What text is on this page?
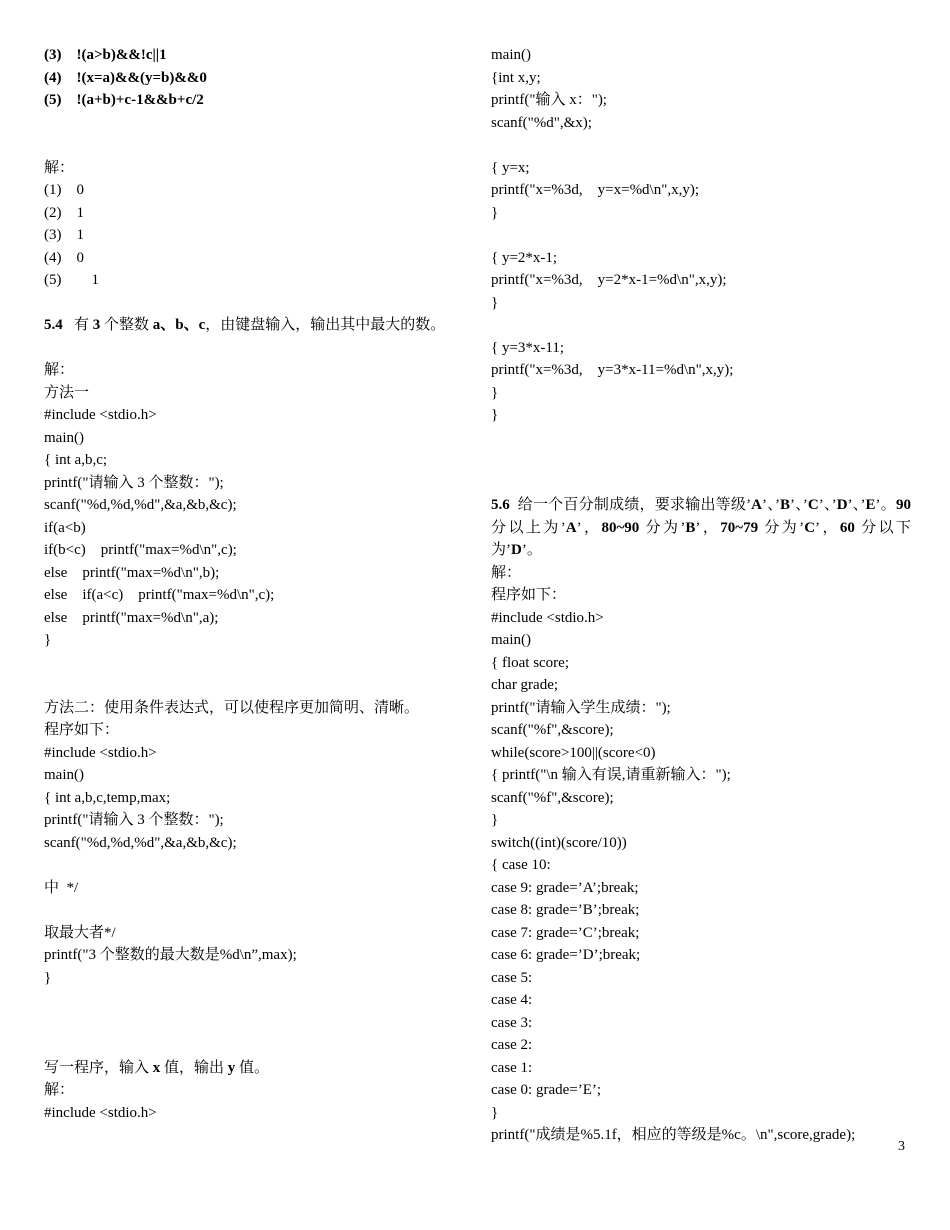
(3)    !(a>b)&&!c||1
(4)    !(x=a)&&(y=b)&&0
(5)    !(a+b)+c-1&&b+c/2
解：
(1)    0
(2)    1
(3)    1
(4)    0
(5)        1
5.4 有 3 个整数 a、b、c，由键盘输入，输出其中最大的数。
解：
方法一
#include <stdio.h>
main()
{ int a,b,c;
printf("请输入 3 个整数：");
scanf("%d,%d,%d",&a,&b,&c);
if(a<b)
if(b<c)    printf("max=%d\n",c);
else    printf("max=%d\n",b);
else    if(a<c)    printf("max=%d\n",c);
else    printf("max=%d\n",a);
}
方法二：使用条件表达式，可以使程序更加简明、清晰。
程序如下：
#include <stdio.h>
main()
{ int a,b,c,temp,max;
printf("请输入 3 个整数：");
scanf("%d,%d,%d",&a,&b,&c);

中  */

取最大者*/
printf("3 个整数的最大数是%d\n”,max);
}

写一程序，输入 x 值，输出 y 值。
解：
#include <stdio.h>
main()
{int x,y;
printf("输入 x：");
scanf("%d",&x);

{ y=x;
printf("x=%3d,    y=x=%d\n",x,y);
}

{ y=2*x-1;
printf("x=%3d,    y=2*x-1=%d\n",x,y);
}

{ y=3*x-11;
printf("x=%3d,    y=3*x-11=%d\n",x,y);
}
}
5.6 给一个百分制成绩，要求输出等级’A’、’B’、’C’、’D’、’E’。90 分以上为’A’，80~90 分为’B’，70~79 分为’C’，60 分以下为’D’。
解：
程序如下：
#include <stdio.h>
main()
{ float score;
char grade;
printf("请输入学生成绩：");
scanf("%f",&score);
while(score>100||(score<0)
{ printf("\n 输入有误,请重新输入：");
scanf("%f",&score);
}
switch((int)(score/10))
{ case 10:
case 9: grade=’A’;break;
case 8: grade=’B’;break;
case 7: grade=’C’;break;
case 6: grade=’D’;break;
case 5:
case 4:
case 3:
case 2:
case 1:
case 0: grade=’E’;
}
printf("成绩是%5.1f，相应的等级是%c。\n",score,grade);
3
